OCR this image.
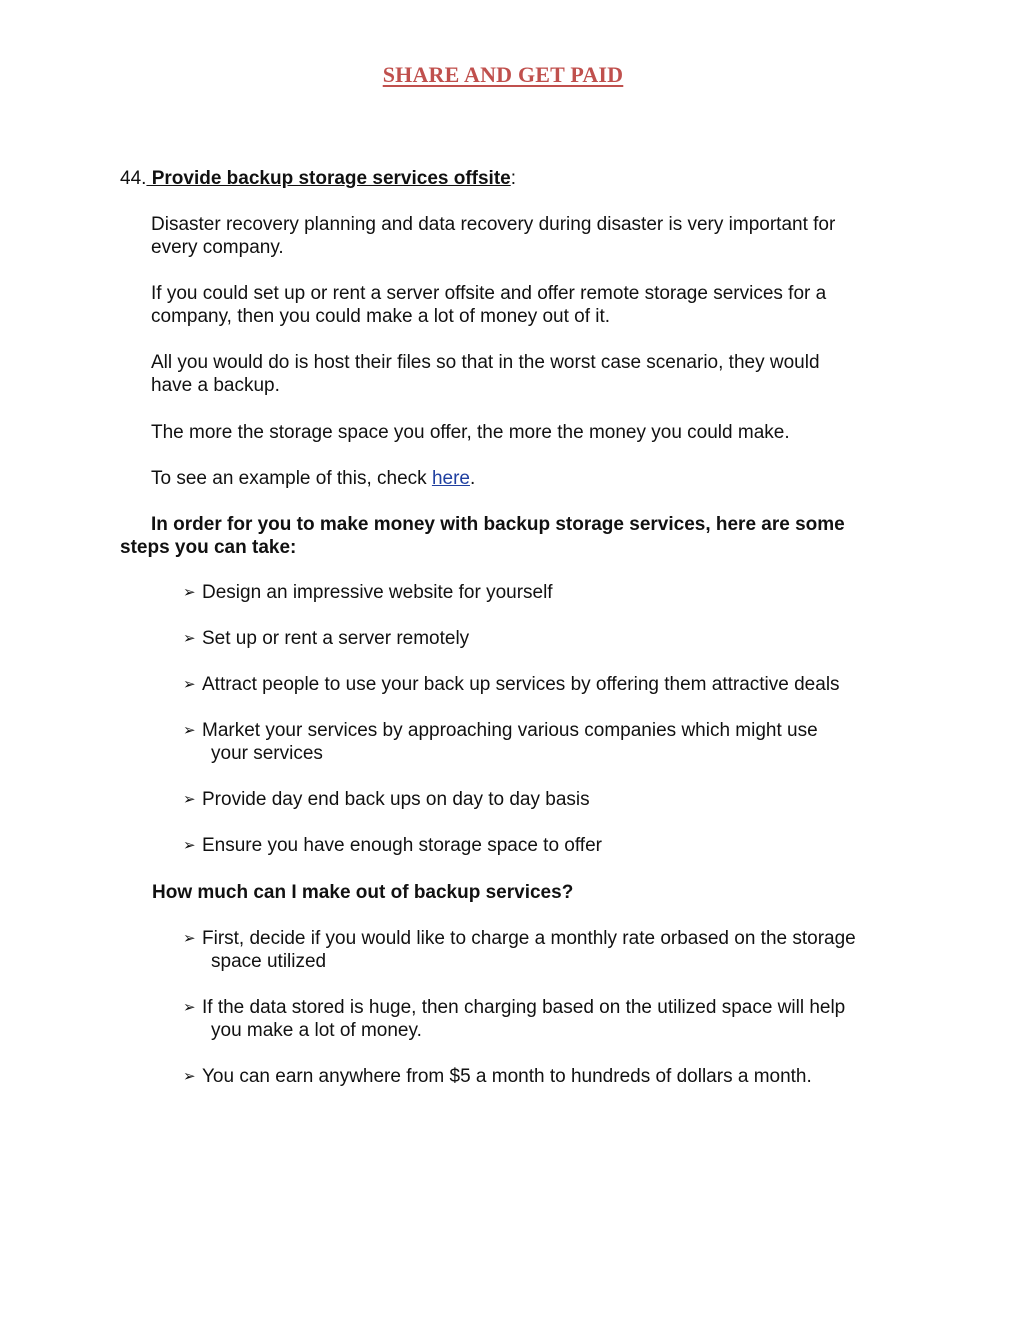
SHARE AND GET PAID
44. Provide backup storage services offsite:
Disaster recovery planning and data recovery during disaster is very important for
every company.
If you could set up or rent a server offsite and offer remote storage services for a
company, then you could make a lot of money out of it.
All you would do is host their files so that in the worst case scenario, they would
have a backup.
The more the storage space you offer, the more the money you could make.
To see an example of this, check here.
In order for you to make money with backup storage services, here are some
steps you can take:
➢ Design an impressive website for yourself
➢ Set up or rent a server remotely
➢ Attract people to use your back up services by offering them attractive deals
➢ Market your services by approaching various companies which might use
your services
➢ Provide day end back ups on day to day basis
➢ Ensure you have enough storage space to offer
How much can I make out of backup services?
➢ First, decide if you would like to charge a monthly rate orbased on the storage
space utilized
➢ If the data stored is huge, then charging based on the utilized space will help
you make a lot of money.
➢ You can earn anywhere from $5 a month to hundreds of dollars a month.
